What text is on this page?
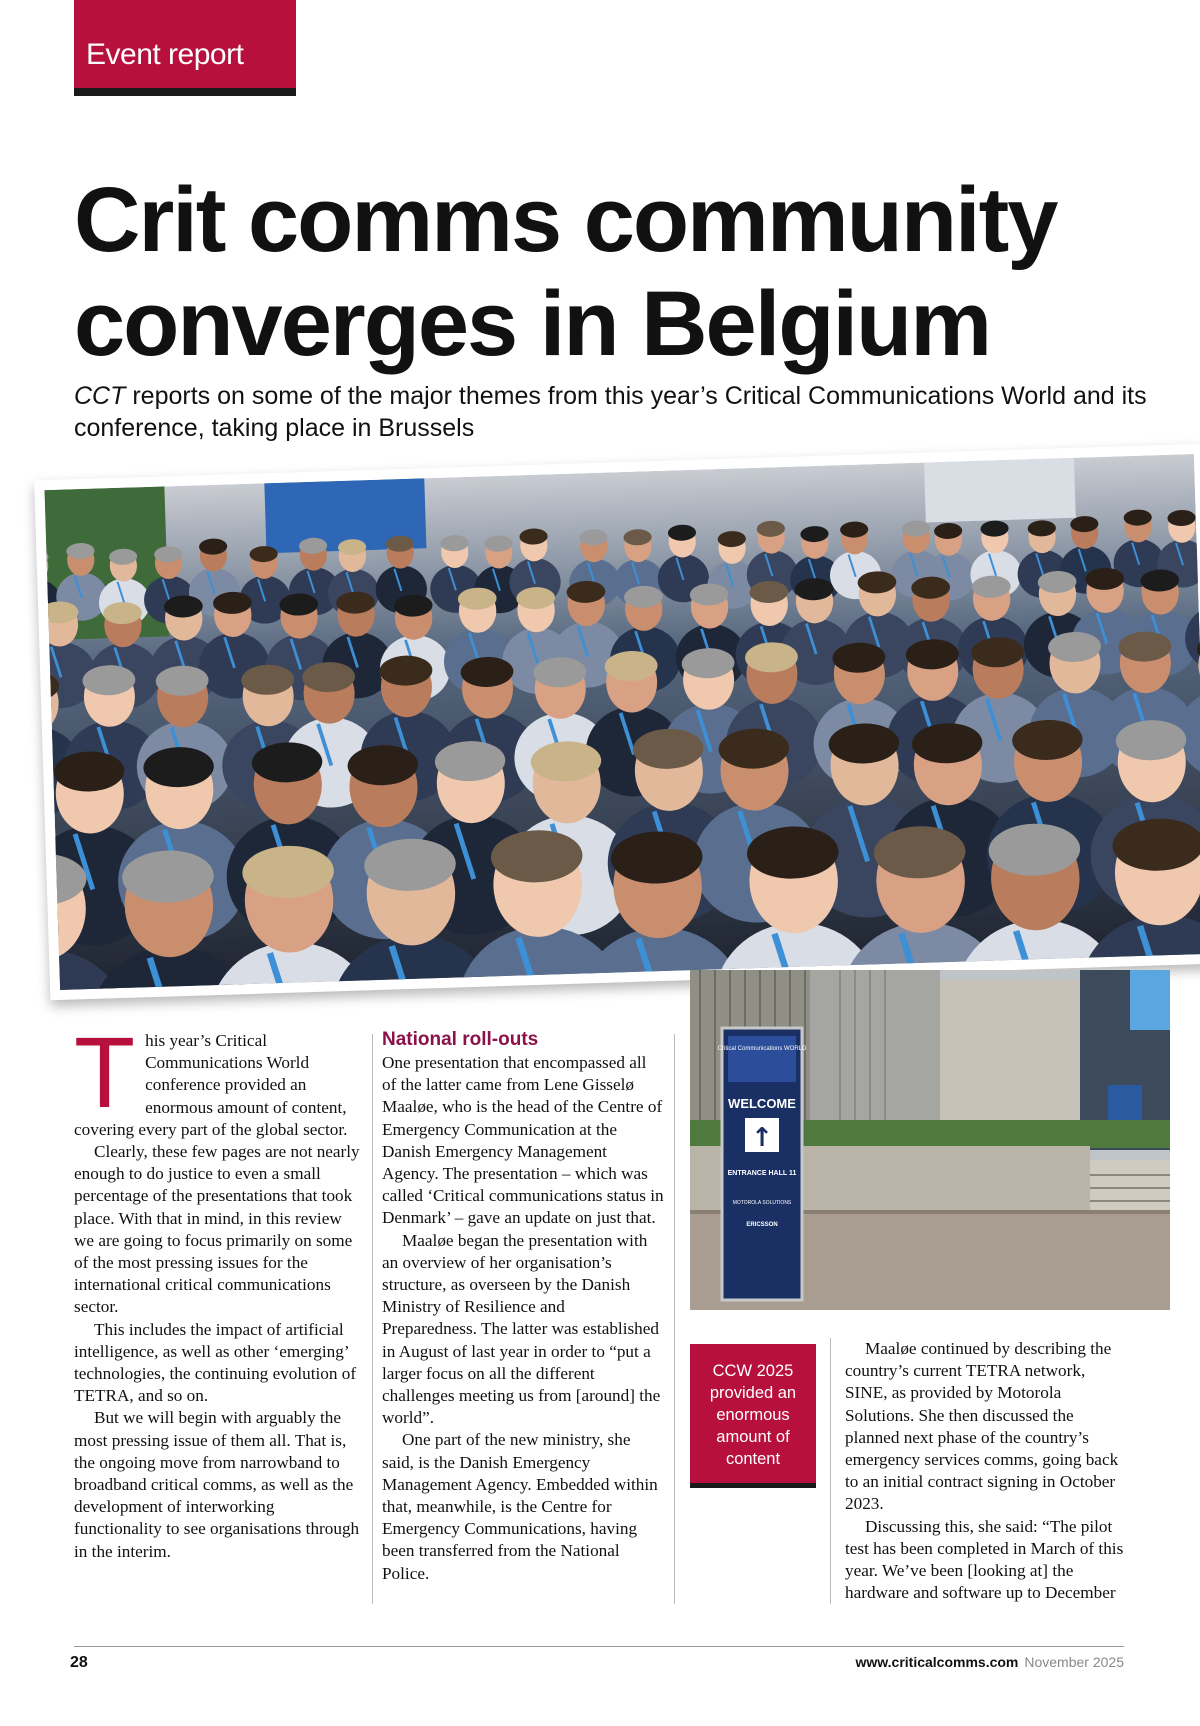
Event report
Crit comms community converges in Belgium

CCT reports on some of the major themes from this year’s Critical Communications World and its conference, taking place in Brussels

T his year’s Critical Communications World conference provided an enormous amount of content, covering every part of the global sector.

Clearly, these few pages are not nearly enough to do justice to even a small percentage of the presentations that took place. With that in mind, in this review we are going to focus primarily on some of the most pressing issues for the international critical communications sector.

This includes the impact of artificial intelligence, as well as other ‘emerging’ technologies, the continuing evolution of TETRA, and so on.

But we will begin with arguably the most pressing issue of them all. That is, the ongoing move from narrowband to broadband critical comms, as well as the development of interworking functionality to see organisations through in the interim.

National roll-outs

One presentation that encompassed all of the latter came from Lene Gisselø Maaløe, who is the head of the Centre of Emergency Communication at the Danish Emergency Management Agency. The presentation – which was called ‘Critical communications status in Denmark’ – gave an update on just that.

Maaløe began the presentation with an overview of her organisation’s structure, as overseen by the Danish Ministry of Resilience and Preparedness. The latter was established in August of last year in order to “put a larger focus on all the different challenges meeting us from [around] the world”.

One part of the new ministry, she said, is the Danish Emergency Management Agency. Embedded within that, meanwhile, is the Centre for Emergency Communications, having been transferred from the National Police.

Critical Communications WORLD
WELCOME
↑
ENTRANCE HALL 11
MOTOROLA SOLUTIONS
ERICSSON
CCW 2025 provided an enormous amount of content

Maaløe continued by describing the country’s current TETRA network, SINE, as provided by Motorola Solutions. She then discussed the planned next phase of the country’s emergency services comms, going back to an initial contract signing in October 2023.

Discussing this, she said: “The pilot test has been completed in March of this year. We’ve been [looking at] the hardware and software up to December

28	www.criticalcomms.com November 2025
